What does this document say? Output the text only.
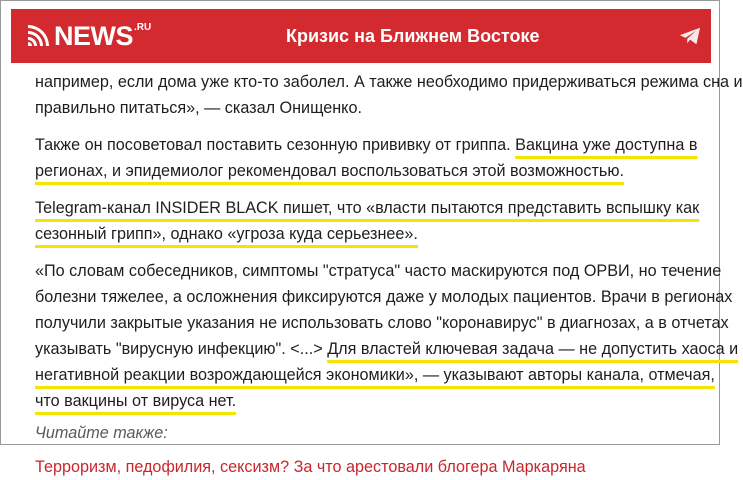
NEWS .RU	Кризис на Ближнем Востоке
например, если дома уже кто-то заболел. А также необходимо придерживаться режима сна и
правильно питаться», — сказал Онищенко.
Также он посоветовал поставить сезонную прививку от гриппа. Вакцина уже доступна в
регионах, и эпидемиолог рекомендовал воспользоваться этой возможностью.
Telegram-канал INSIDER BLACK пишет, что «власти пытаются представить вспышку как
сезонный грипп», однако «угроза куда серьезнее».
«По словам собеседников, симптомы "стратуса" часто маскируются под ОРВИ, но течение
болезни тяжелее, а осложнения фиксируются даже у молодых пациентов. Врачи в регионах
получили закрытые указания не использовать слово "коронавирус" в диагнозах, а в отчетах
указывать "вирусную инфекцию". <...> Для властей ключевая задача — не допустить хаоса и
негативной реакции возрождающейся экономики», — указывают авторы канала, отмечая,
что вакцины от вируса нет.
Читайте также:
Терроризм, педофилия, сексизм? За что арестовали блогера Маркаряна
